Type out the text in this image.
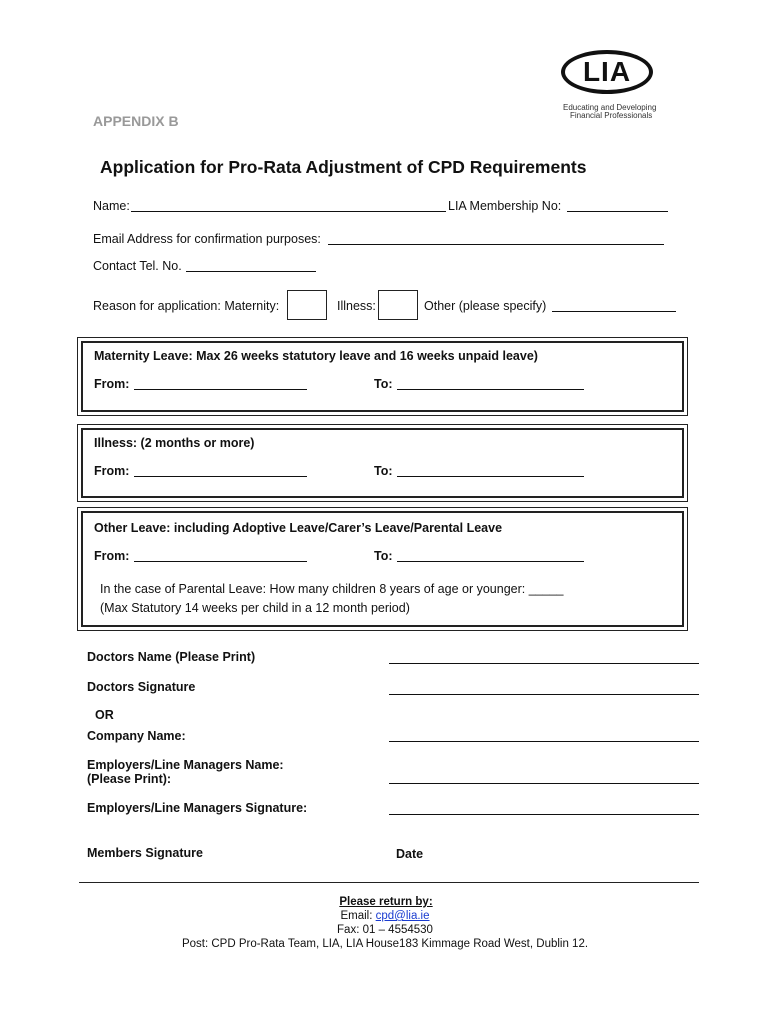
LIA
Educating and Developing
Financial Professionals
APPENDIX B
Application for Pro-Rata Adjustment of CPD Requirements
Name:	LIA Membership No:
Email Address for confirmation purposes:
Contact Tel. No.
Reason for application: Maternity:	Illness:	Other (please specify)
Maternity Leave: Max 26 weeks statutory leave and 16 weeks unpaid leave)
From:	To:
Illness: (2 months or more)
From:	To:
Other Leave: including Adoptive Leave/Carer’s Leave/Parental Leave
From:	To:
In the case of Parental Leave: How many children 8 years of age or younger: _____
(Max Statutory 14 weeks per child in a 12 month period)
Doctors Name (Please Print)
Doctors Signature
OR
Company Name:
Employers/Line Managers Name:
(Please Print):
Employers/Line Managers Signature:
Members Signature	Date
Please return by:
Email: cpd@lia.ie
Fax: 01 – 4554530
Post: CPD Pro-Rata Team, LIA, LIA House183 Kimmage Road West, Dublin 12.
